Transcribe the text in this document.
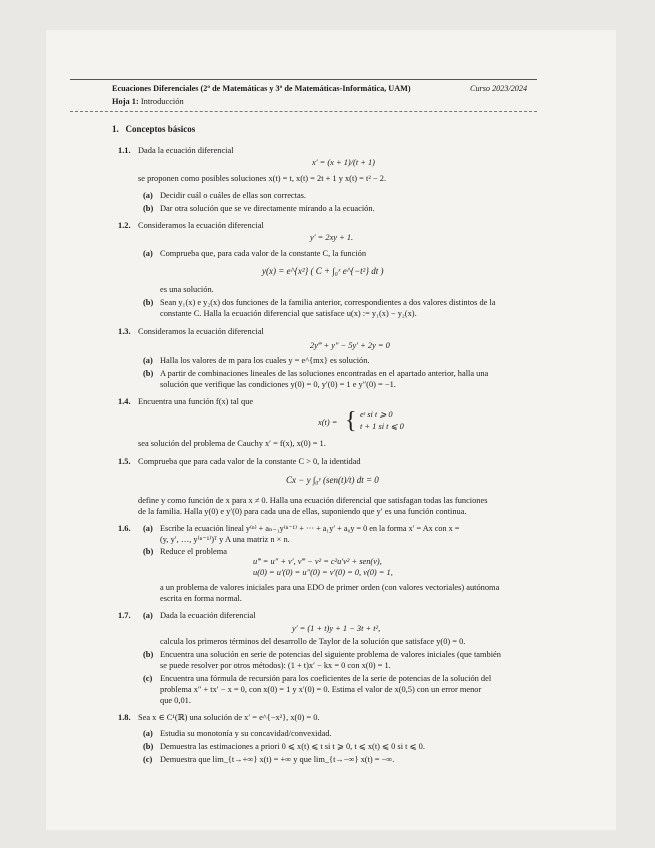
Ecuaciones Diferenciales (2º de Matemáticas y 3º de Matemáticas-Informática, UAM)	Curso 2023/2024
Hoja 1: Introducción
1. Conceptos básicos
1.1. Dada la ecuación diferencial
x′ = (x + 1)/(t + 1)
se proponen como posibles soluciones x(t) = t, x(t) = 2t + 1 y x(t) = t² − 2.
(a) Decidir cuál o cuáles de ellas son correctas.
(b) Dar otra solución que se ve directamente mirando a la ecuación.
1.2. Consideramos la ecuación diferencial
y′ = 2xy + 1.
(a) Comprueba que, para cada valor de la constante C, la función
y(x) = e^{x²} ( C + ∫₀ˣ e^{−t²} dt )
es una solución.
(b) Sean y₁(x) e y₂(x) dos funciones de la familia anterior, correspondientes a dos valores distintos de la
constante C. Halla la ecuación diferencial que satisface u(x) := y₁(x) − y₂(x).
1.3. Consideramos la ecuación diferencial
2y‴ + y″ − 5y′ + 2y = 0
(a) Halla los valores de m para los cuales y = e^{mx} es solución.
(b) A partir de combinaciones lineales de las soluciones encontradas en el apartado anterior, halla una
solución que verifique las condiciones y(0) = 0, y′(0) = 1 e y″(0) = −1.
1.4. Encuentra una función f(x) tal que
x(t) = { eᵗ si t ⩾ 0
t + 1 si t ⩽ 0
sea solución del problema de Cauchy x′ = f(x), x(0) = 1.
1.5. Comprueba que para cada valor de la constante C > 0, la identidad
Cx − y ∫₀ʸ (sen(t)/t) dt = 0
define y como función de x para x ≠ 0. Halla una ecuación diferencial que satisfagan todas las funciones
de la familia. Halla y(0) e y′(0) para cada una de ellas, suponiendo que y′ es una función continua.
1.6. (a) Escribe la ecuación lineal y⁽ⁿ⁾ + aₙ₋₁y⁽ⁿ⁻¹⁾ + ··· + a₁y′ + a₀y = 0 en la forma x′ = Ax con x =
(y, y′, …, y⁽ⁿ⁻¹⁾)ᵀ y A una matriz n × n.
(b) Reduce el problema
u‴ = u″ + v′, v‴ − v² = c²u′v² + sen(v),
u(0) = u′(0) = u″(0) = v′(0) = 0, v(0) = 1,
a un problema de valores iniciales para una EDO de primer orden (con valores vectoriales) autónoma
escrita en forma normal.
1.7. (a) Dada la ecuación diferencial
y′ = (1 + t)y + 1 − 3t + t²,
calcula los primeros términos del desarrollo de Taylor de la solución que satisface y(0) = 0.
(b) Encuentra una solución en serie de potencias del siguiente problema de valores iniciales (que también
se puede resolver por otros métodos): (1 + t)x′ − kx = 0 con x(0) = 1.
(c) Encuentra una fórmula de recursión para los coeficientes de la serie de potencias de la solución del
problema x″ + tx′ − x = 0, con x(0) = 1 y x′(0) = 0. Estima el valor de x(0,5) con un error menor
que 0,01.
1.8. Sea x ∈ C¹(ℝ) una solución de x′ = e^{−x²}, x(0) = 0.
(a) Estudia su monotonía y su concavidad/convexidad.
(b) Demuestra las estimaciones a priori 0 ⩽ x(t) ⩽ t si t ⩾ 0, t ⩽ x(t) ⩽ 0 si t ⩽ 0.
(c) Demuestra que lim_{t→+∞} x(t) = +∞ y que lim_{t→−∞} x(t) = −∞.
